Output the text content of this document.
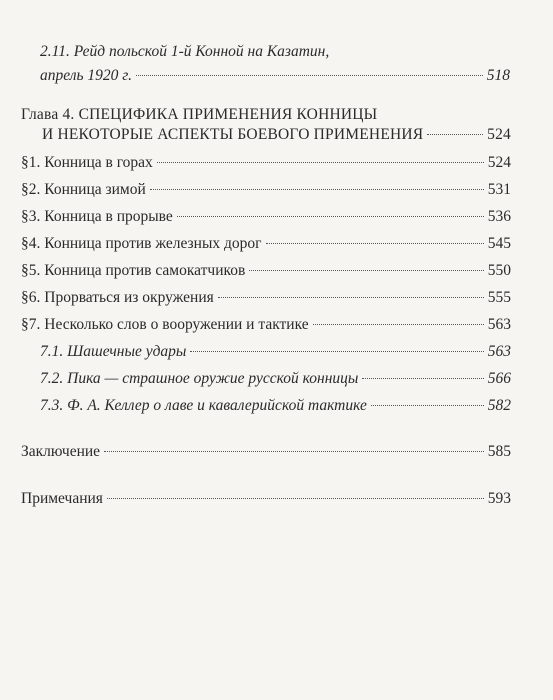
2.11. Рейд польской 1-й Конной на Казатин,
апрель 1920 г.	518
Глава 4. СПЕЦИФИКА ПРИМЕНЕНИЯ КОННИЦЫ
И НЕКОТОРЫЕ АСПЕКТЫ БОЕВОГО ПРИМЕНЕНИЯ	524
§1. Конница в горах	524
§2. Конница зимой	531
§3. Конница в прорыве	536
§4. Конница против железных дорог	545
§5. Конница против самокатчиков	550
§6. Прорваться из окружения	555
§7. Несколько слов о вооружении и тактике	563
7.1. Шашечные удары	563
7.2. Пика — страшное оружие русской конницы	566
7.3. Ф. А. Келлер о лаве и кавалерийской тактике	582
Заключение	585
Примечания	593
